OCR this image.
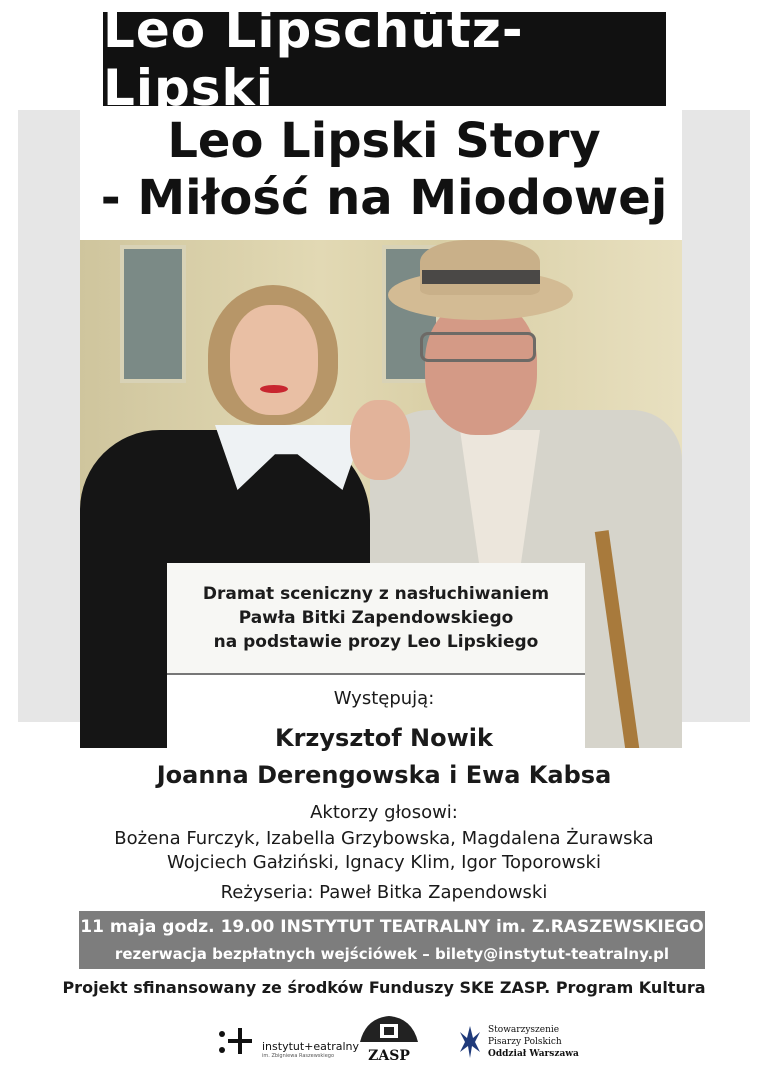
Leo Lipschütz-Lipski
Leo Lipski Story
- Miłość na Miodowej
Dramat sceniczny z nasłuchiwaniem
Pawła Bitki Zapendowskiego
na podstawie prozy Leo Lipskiego
Występują:
Krzysztof Nowik
Joanna Derengowska i Ewa Kabsa
Aktorzy głosowi:
Bożena Furczyk, Izabella Grzybowska, Magdalena Żurawska
Wojciech Gałziński, Ignacy Klim, Igor Toporowski
Reżyseria: Paweł Bitka Zapendowski
11 maja godz. 19.00 INSTYTUT TEATRALNY im. Z.RASZEWSKIEGO
rezerwacja bezpłatnych wejściówek – bilety@instytut-teatralny.pl
Projekt sfinansowany ze środków Funduszy SKE ZASP. Program Kultura
instytut+eatralny
im. Zbigniewa Raszewskiego	ZASP
Stowarzyszenie
Pisarzy Polskich
Oddział Warszawa
